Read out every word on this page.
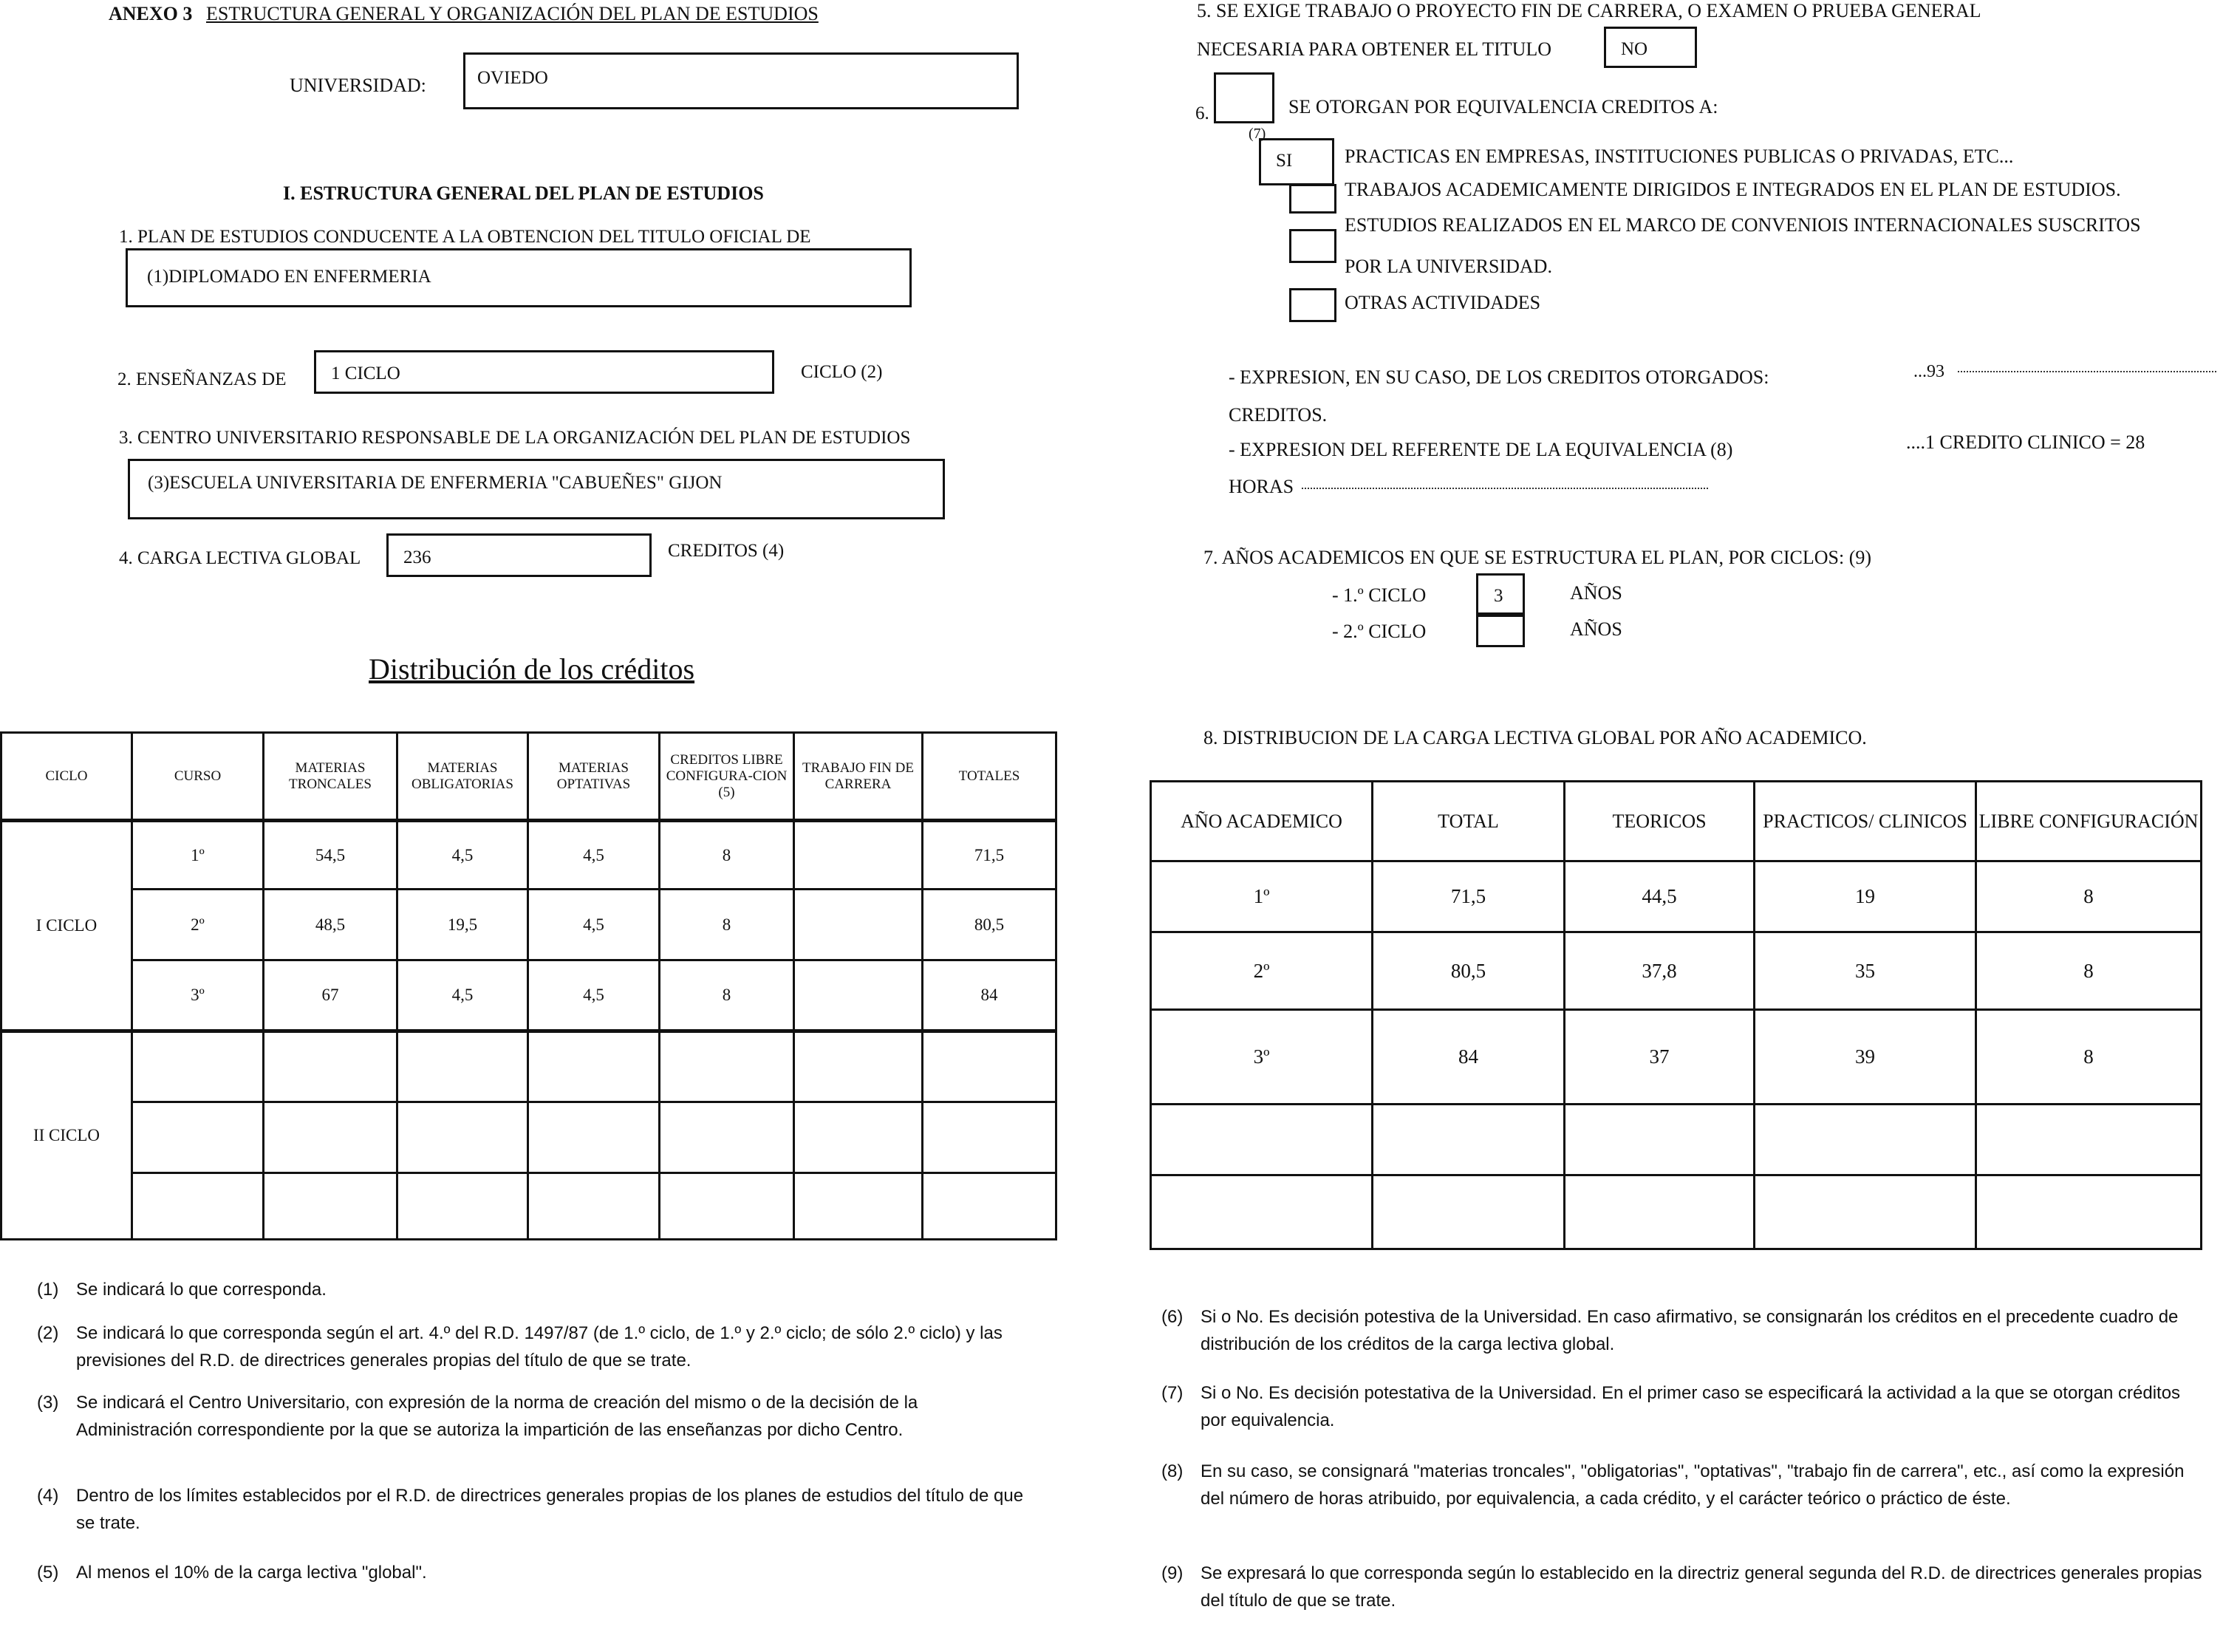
ANEXO 3 ESTRUCTURA GENERAL Y ORGANIZACIÓN DEL PLAN DE ESTUDIOS
UNIVERSIDAD:	OVIEDO
I. ESTRUCTURA GENERAL DEL PLAN DE ESTUDIOS
1. PLAN DE ESTUDIOS CONDUCENTE A LA OBTENCION DEL TITULO OFICIAL DE
(1)DIPLOMADO EN ENFERMERIA
2. ENSEÑANZAS DE 1 CICLO	CICLO (2)
3. CENTRO UNIVERSITARIO RESPONSABLE DE LA ORGANIZACIÓN DEL PLAN DE ESTUDIOS
(3)ESCUELA UNIVERSITARIA DE ENFERMERIA "CABUEÑES" GIJON
4. CARGA LECTIVA GLOBAL 236	CREDITOS (4)
Distribución de los créditos
CICLO	CURSO	MATERIAS TRONCALES	MATERIAS OBLIGATORIAS	MATERIAS OPTATIVAS	CREDITOS LIBRE CONFIGURA-CION (5)	TRABAJO FIN DE CARRERA	TOTALES
I CICLO	1º	54,5	4,5	4,5	8		71,5
	2º	48,5	19,5	4,5	8		80,5
	3º	67	4,5	4,5	8		84
II CICLO							

(1) Se indicará lo que corresponda.
(2) Se indicará lo que corresponda según el art. 4.º del R.D. 1497/87 (de 1.º ciclo, de 1.º y 2.º ciclo; de sólo 2.º ciclo) y las previsiones del R.D. de directrices generales propias del título de que se trate.
(3) Se indicará el Centro Universitario, con expresión de la norma de creación del mismo o de la decisión de la Administración correspondiente por la que se autoriza la impartición de las enseñanzas por dicho Centro.
(4) Dentro de los límites establecidos por el R.D. de directrices generales propias de los planes de estudios del título de que se trate.
(5) Al menos el 10% de la carga lectiva "global".
5. SE EXIGE TRABAJO O PROYECTO FIN DE CARRERA, O EXAMEN O PRUEBA GENERAL
NECESARIA PARA OBTENER EL TITULO	NO
6.	SE OTORGAN POR EQUIVALENCIA CREDITOS A:
(7)
SI	PRACTICAS EN EMPRESAS, INSTITUCIONES PUBLICAS O PRIVADAS, ETC...
TRABAJOS ACADEMICAMENTE DIRIGIDOS E INTEGRADOS EN EL PLAN DE ESTUDIOS.
ESTUDIOS REALIZADOS EN EL MARCO DE CONVENIOIS INTERNACIONALES SUSCRITOS
POR LA UNIVERSIDAD.
OTRAS ACTIVIDADES
- EXPRESION, EN SU CASO, DE LOS CREDITOS OTORGADOS:	...93
CREDITOS.
- EXPRESION DEL REFERENTE DE LA EQUIVALENCIA (8)	....1 CREDITO CLINICO = 28
HORAS
7. AÑOS ACADEMICOS EN QUE SE ESTRUCTURA EL PLAN, POR CICLOS: (9)
- 1.º CICLO	3	AÑOS
- 2.º CICLO	AÑOS
8. DISTRIBUCION DE LA CARGA LECTIVA GLOBAL POR AÑO ACADEMICO.
AÑO ACADEMICO	TOTAL	TEORICOS	PRACTICOS/ CLINICOS	LIBRE CONFIGURACIÓN
1º	71,5	44,5	19	8
2º	80,5	37,8	35	8
3º	84	37	39	8

(6) Si o No. Es decisión potestiva de la Universidad. En caso afirmativo, se consignarán los créditos en el precedente cuadro de distribución de los créditos de la carga lectiva global.
(7) Si o No. Es decisión potestativa de la Universidad. En el primer caso se especificará la actividad a la que se otorgan créditos por equivalencia.
(8) En su caso, se consignará "materias troncales", "obligatorias", "optativas", "trabajo fin de carrera", etc., así como la expresión del número de horas atribuido, por equivalencia, a cada crédito, y el carácter teórico o práctico de éste.
(9) Se expresará lo que corresponda según lo establecido en la directriz general segunda del R.D. de directrices generales propias del título de que se trate.
